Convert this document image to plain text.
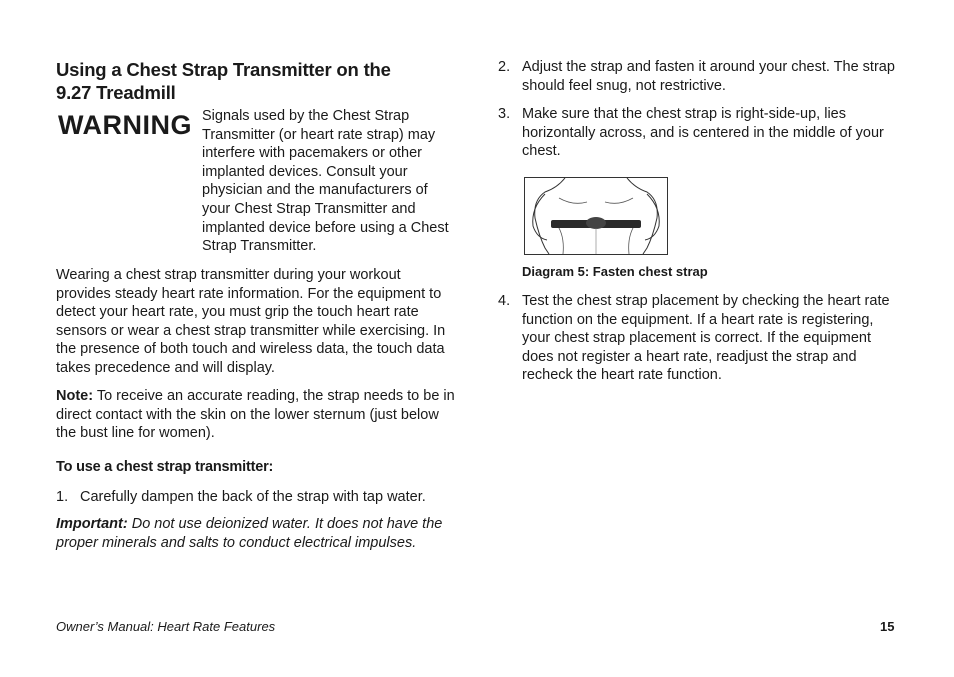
Using a Chest Strap Transmitter on the 9.27 Treadmill
WARNING Signals used by the Chest Strap Transmitter (or heart rate strap) may interfere with pacemakers or other implanted devices. Consult your physician and the manufacturers of your Chest Strap Transmitter and implanted device before using a Chest Strap Transmitter.

Wearing a chest strap transmitter during your workout provides steady heart rate information. For the equipment to detect your heart rate, you must grip the touch heart rate sensors or wear a chest strap transmitter while exercising. In the presence of both touch and wireless data, the touch data takes precedence and will display.

Note: To receive an accurate reading, the strap needs to be in direct contact with the skin on the lower sternum (just below the bust line for women).

To use a chest strap transmitter:
1. Carefully dampen the back of the strap with tap water.

Important: Do not use deionized water. It does not have the proper minerals and salts to conduct electrical impulses.

2. Adjust the strap and fasten it around your chest. The strap should feel snug, not restrictive.
3. Make sure that the chest strap is right-side-up, lies horizontally across, and is centered in the middle of your chest.
Diagram 5: Fasten chest strap
4. Test the chest strap placement by checking the heart rate function on the equipment. If a heart rate is registering, your chest strap placement is correct. If the equipment does not register a heart rate, readjust the strap and recheck the heart rate function.
Owner’s Manual: Heart Rate Features	15
